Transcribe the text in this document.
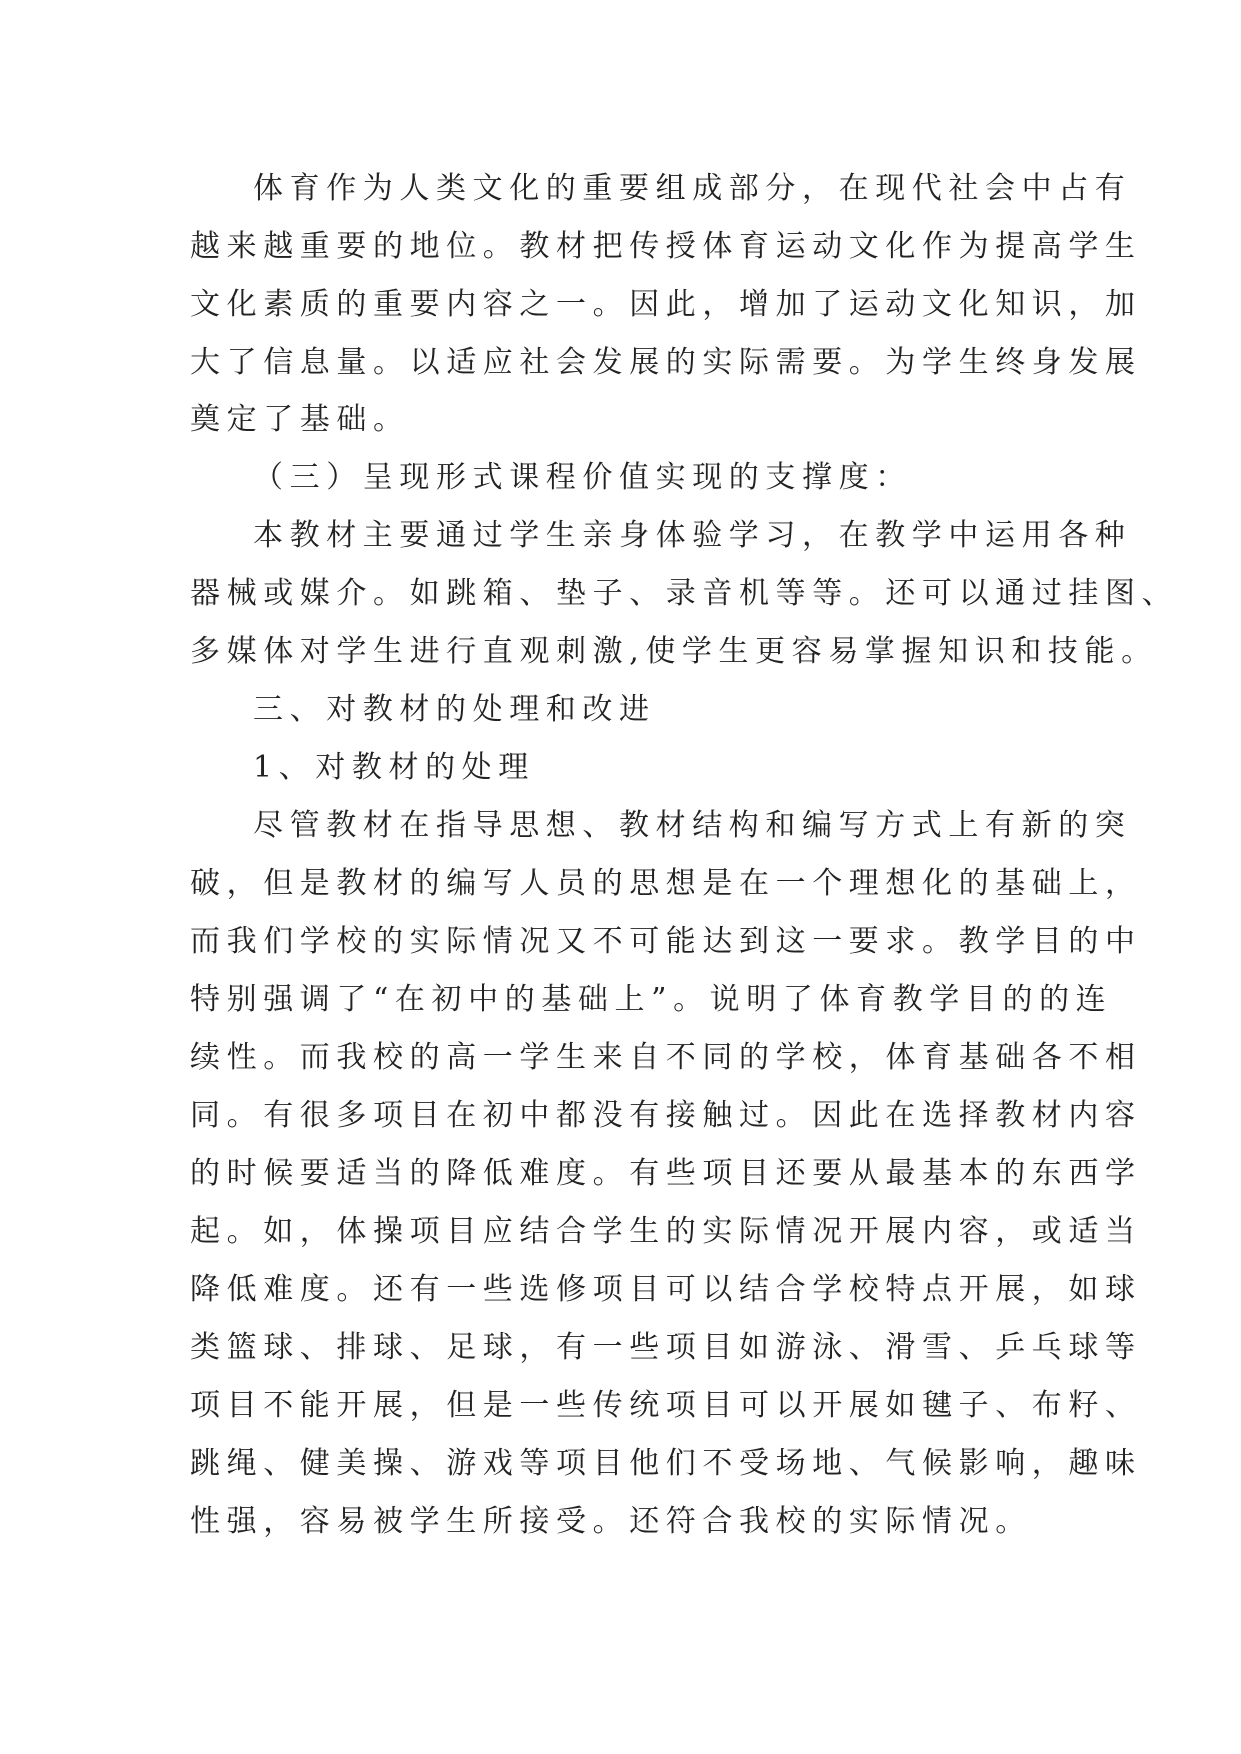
体育作为人类文化的重要组成部分，在现代社会中占有
越来越重要的地位。教材把传授体育运动文化作为提高学生
文化素质的重要内容之一。因此，增加了运动文化知识，加
大了信息量。以适应社会发展的实际需要。为学生终身发展
奠定了基础。
（三）呈现形式课程价值实现的支撑度：
本教材主要通过学生亲身体验学习，在教学中运用各种
器械或媒介。如跳箱、垫子、录音机等等。还可以通过挂图、
多媒体对学生进行直观刺激,使学生更容易掌握知识和技能。
三、对教材的处理和改进
1、对教材的处理
尽管教材在指导思想、教材结构和编写方式上有新的突
破，但是教材的编写人员的思想是在一个理想化的基础上，
而我们学校的实际情况又不可能达到这一要求。教学目的中
特别强调了“在初中的基础上”。说明了体育教学目的的连
续性。而我校的高一学生来自不同的学校，体育基础各不相
同。有很多项目在初中都没有接触过。因此在选择教材内容
的时候要适当的降低难度。有些项目还要从最基本的东西学
起。如，体操项目应结合学生的实际情况开展内容，或适当
降低难度。还有一些选修项目可以结合学校特点开展，如球
类篮球、排球、足球，有一些项目如游泳、滑雪、乒乓球等
项目不能开展，但是一些传统项目可以开展如毽子、布籽、
跳绳、健美操、游戏等项目他们不受场地、气候影响，趣味
性强，容易被学生所接受。还符合我校的实际情况。
